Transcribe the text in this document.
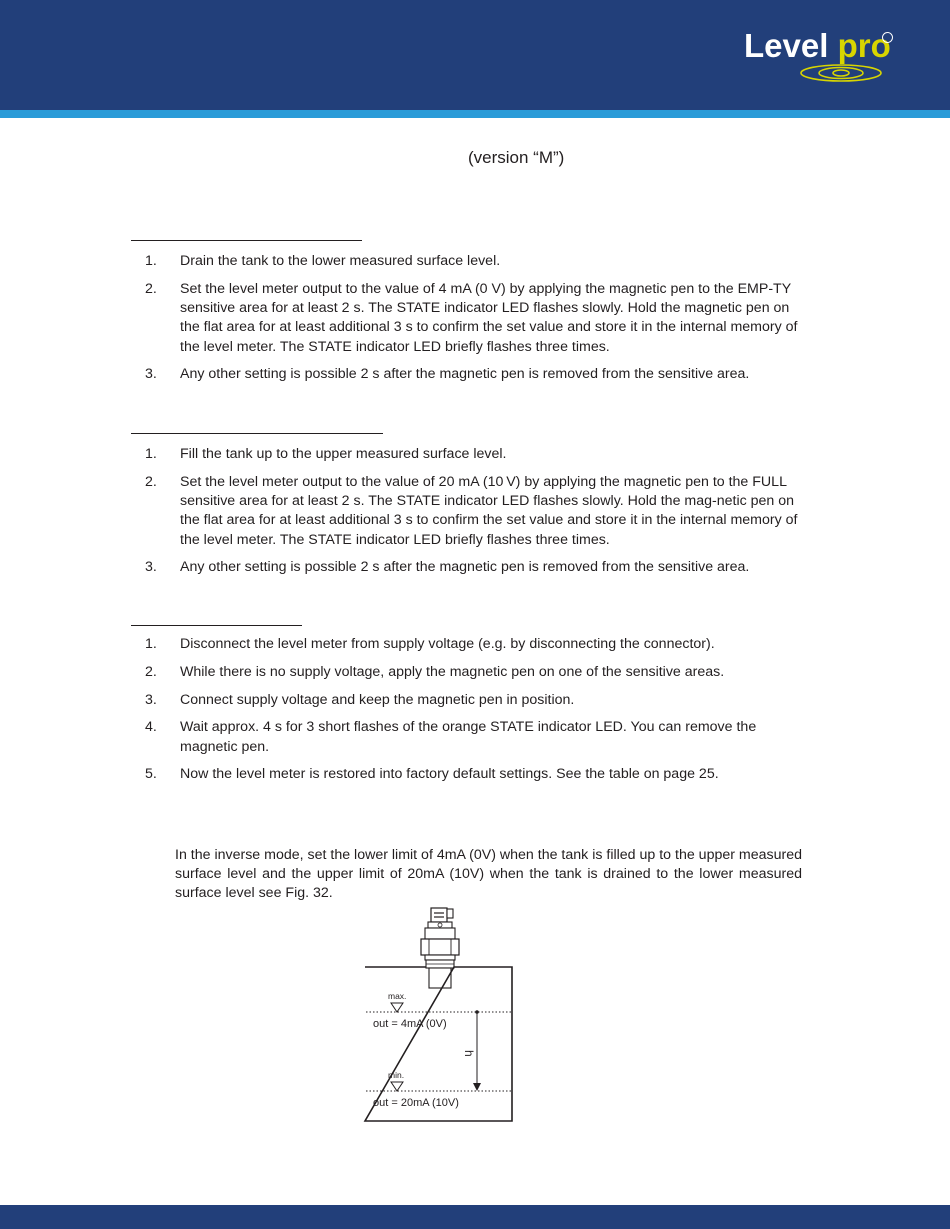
Level pro
(version “M”)
1. Drain the tank to the lower measured surface level.
2. Set the level meter output to the value of 4 mA (0 V) by applying the magnetic pen to the EMP-TY sensitive area for at least 2 s. The STATE indicator LED flashes slowly. Hold the magnetic pen on the flat area for at least additional 3 s to confirm the set value and store it in the internal memory of the level meter. The STATE indicator LED briefly flashes three times.
3. Any other setting is possible 2 s after the magnetic pen is removed from the sensitive area.
1. Fill the tank up to the upper measured surface level.
2. Set the level meter output to the value of 20 mA (10 V) by applying the magnetic pen to the FULL sensitive area for at least 2 s. The STATE indicator LED flashes slowly. Hold the mag-netic pen on the flat area for at least additional 3 s to confirm the set value and store it in the internal memory of the level meter. The STATE indicator LED briefly flashes three times.
3. Any other setting is possible 2 s after the magnetic pen is removed from the sensitive area.
1. Disconnect the level meter from supply voltage (e.g. by disconnecting the connector).
2. While there is no supply voltage, apply the magnetic pen on one of the sensitive areas.
3. Connect supply voltage and keep the magnetic pen in position.
4. Wait approx. 4 s for 3 short flashes of the orange STATE indicator LED. You can remove the magnetic pen.
5. Now the level meter is restored into factory default settings. See the table on page 25.
In the inverse mode, set the lower limit of 4mA (0V) when the tank is filled up to the upper measured surface level and the upper limit of 20mA (10V) when the tank is drained to the lower measured surface level see Fig. 32.
max.
out = 4mA (0V)
min.
out = 20mA (10V)
h
